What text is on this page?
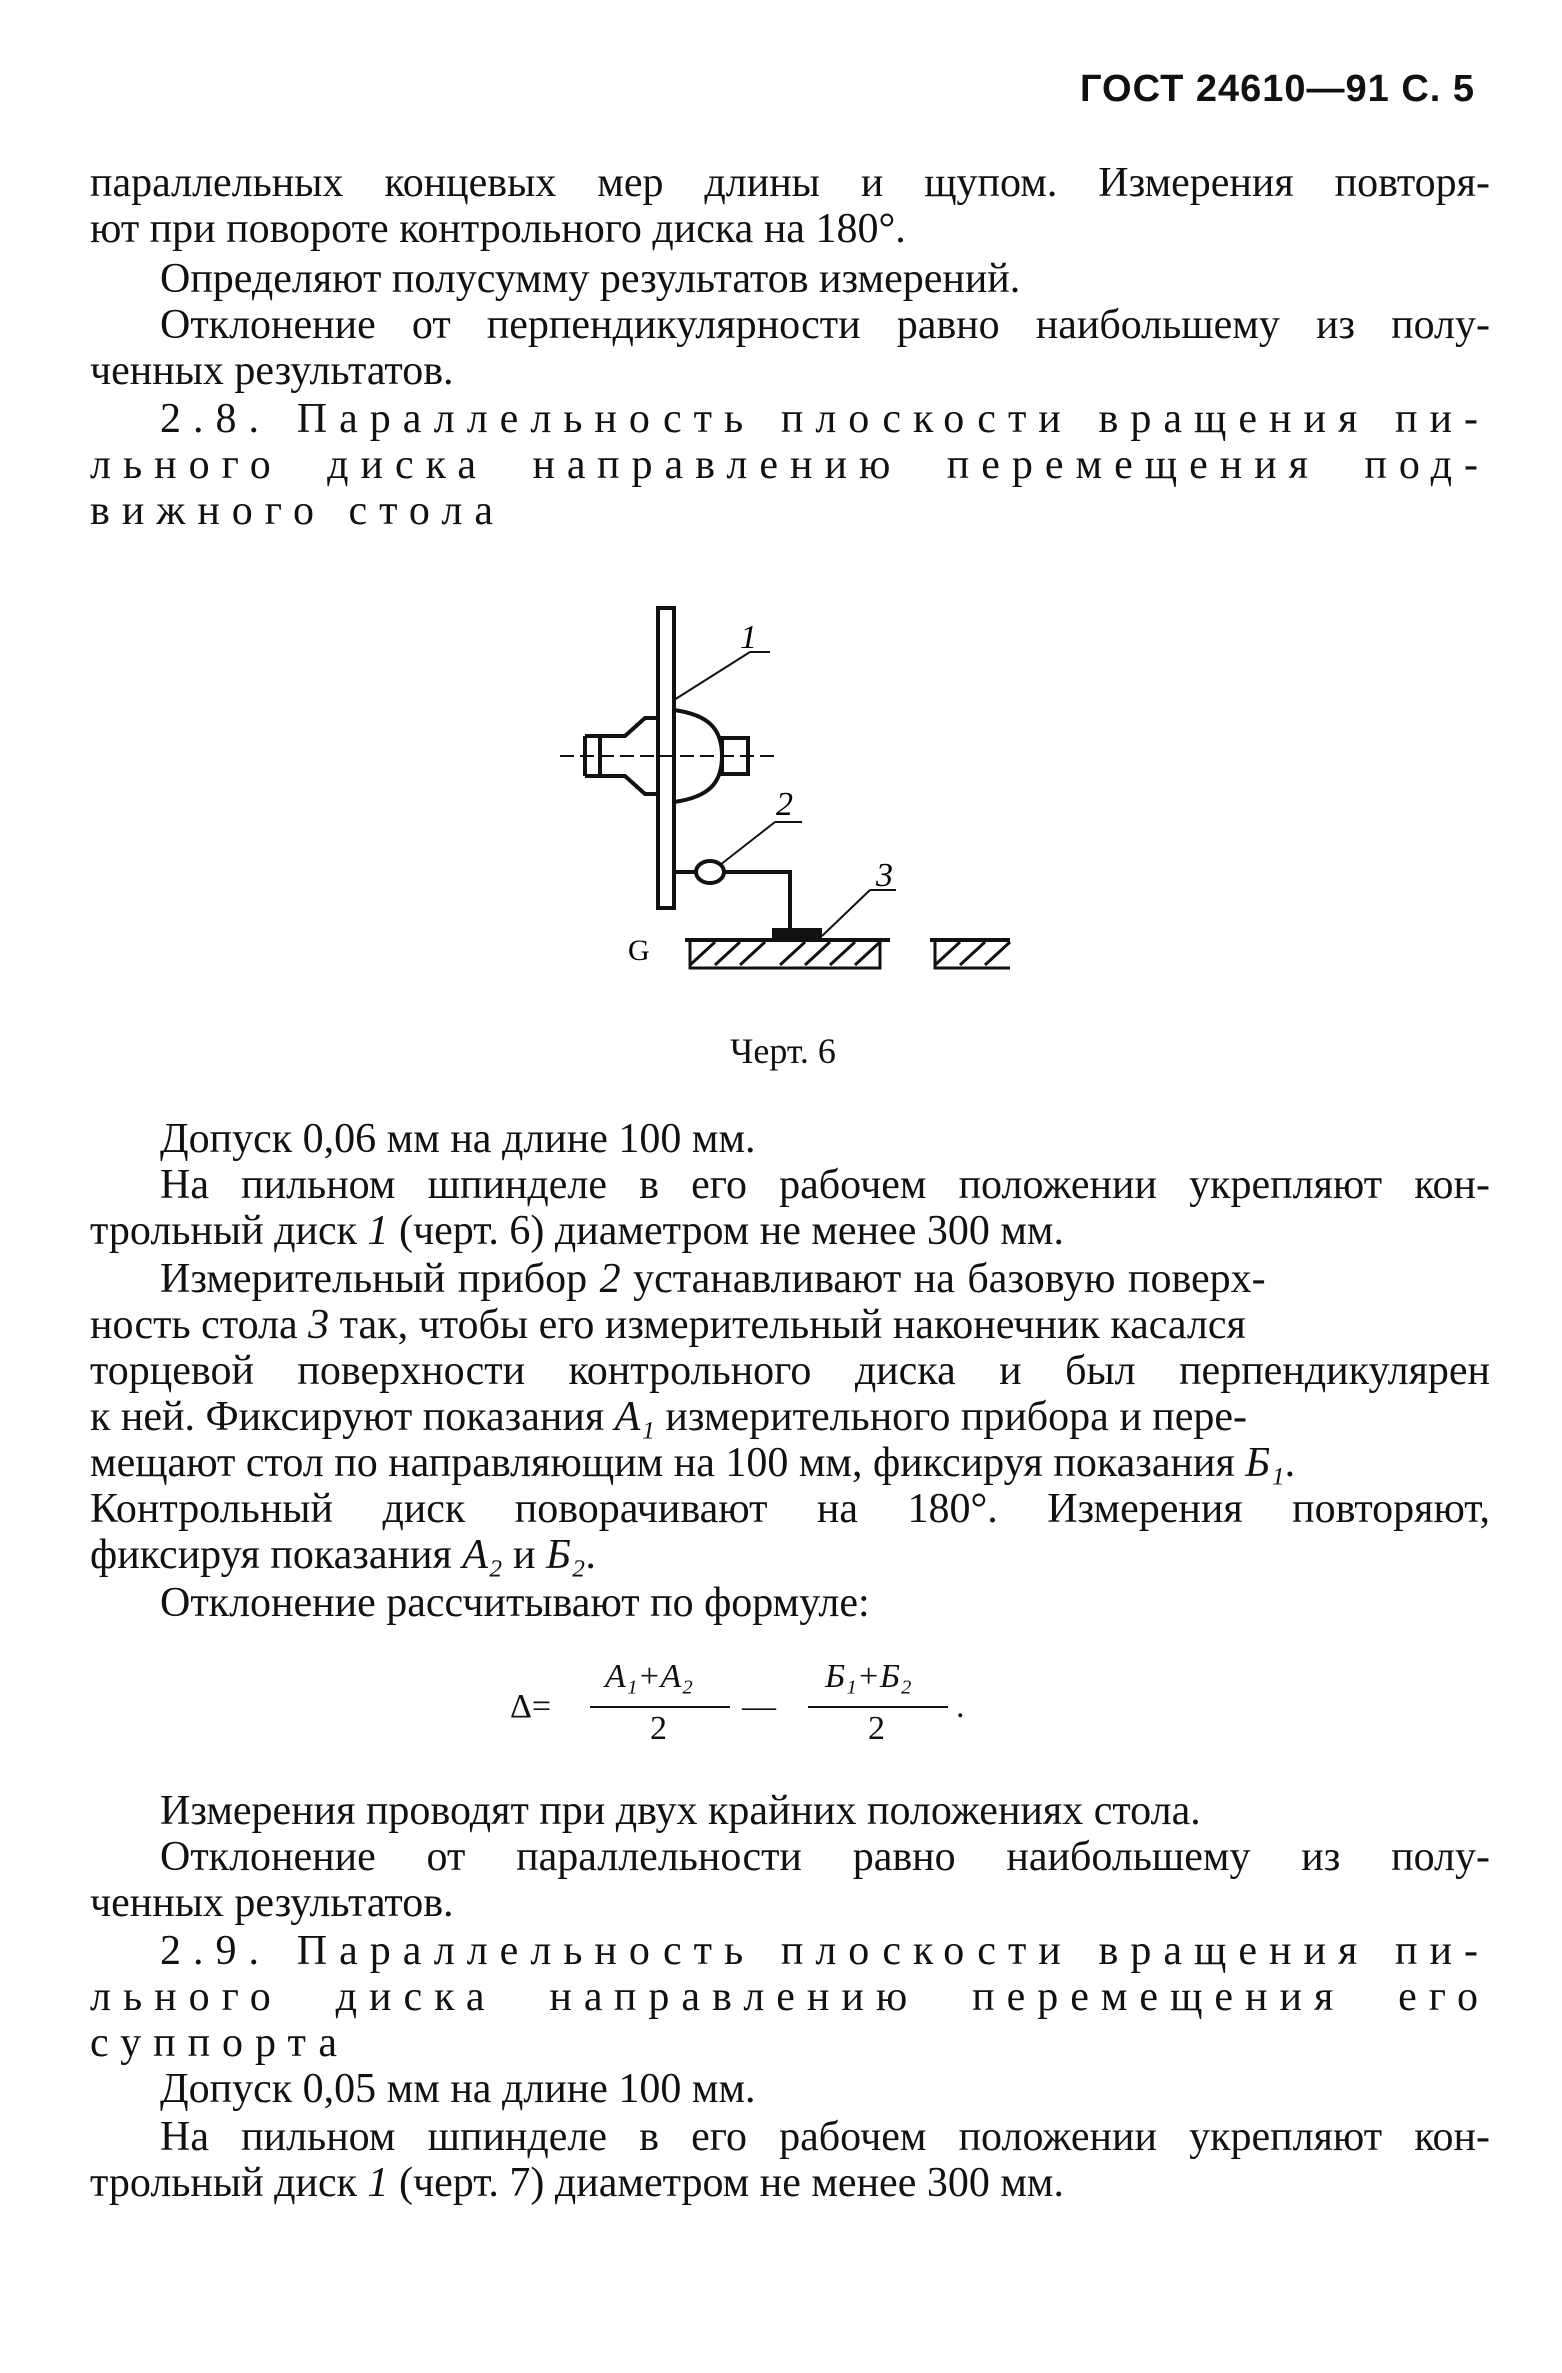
ГОСТ 24610—91 С. 5
параллельных концевых мер длины и щупом. Измерения повторя-
ют при повороте контрольного диска на 180°.
Определяют полусумму результатов измерений.
Отклонение от перпендикулярности равно наибольшему из полу-
ченных результатов.
2.8. Параллельность плоскости вращения пи-
льного диска направлению перемещения под-
вижного стола
1
2
3
G
Черт. 6
Допуск 0,06 мм на длине 100 мм.
На пильном шпинделе в его рабочем положении укрепляют кон-
трольный диск 1 (черт. 6) диаметром не менее 300 мм.
Измерительный прибор 2 устанавливают на базовую поверх-
ность стола 3 так, чтобы его измерительный наконечник касался
торцевой поверхности контрольного диска и был перпендикулярен
к ней. Фиксируют показания A₁ измерительного прибора и пере-
мещают стол по направляющим на 100 мм, фиксируя показания Б₁.
Контрольный диск поворачивают на 180°. Измерения повторяют,
фиксируя показания A₂ и Б₂.
Отклонение рассчитывают по формуле:
Δ=
A₁+A₂
2
—
Б₁+Б₂
2
.
Измерения проводят при двух крайних положениях стола.
Отклонение от параллельности равно наибольшему из полу-
ченных результатов.
2.9. Параллельность плоскости вращения пи-
льного диска направлению перемещения его
суппорта
Допуск 0,05 мм на длине 100 мм.
На пильном шпинделе в его рабочем положении укрепляют кон-
трольный диск 1 (черт. 7) диаметром не менее 300 мм.
